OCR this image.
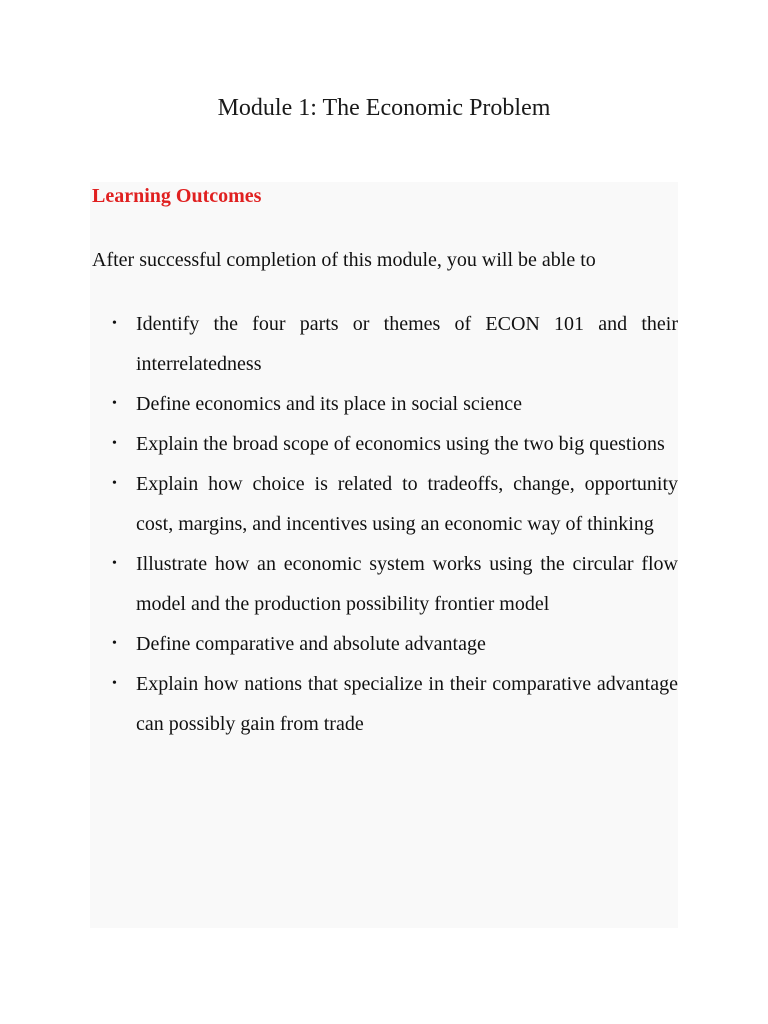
Module 1: The Economic Problem
Learning Outcomes

After successful completion of this module, you will be able to

• Identify the four parts or themes of ECON 101 and their interrelatedness
• Define economics and its place in social science
• Explain the broad scope of economics using the two big questions
• Explain how choice is related to tradeoffs, change, opportunity cost, margins, and incentives using an economic way of thinking
• Illustrate how an economic system works using the circular flow model and the production possibility frontier model
• Define comparative and absolute advantage
• Explain how nations that specialize in their comparative advantage can possibly gain from trade
